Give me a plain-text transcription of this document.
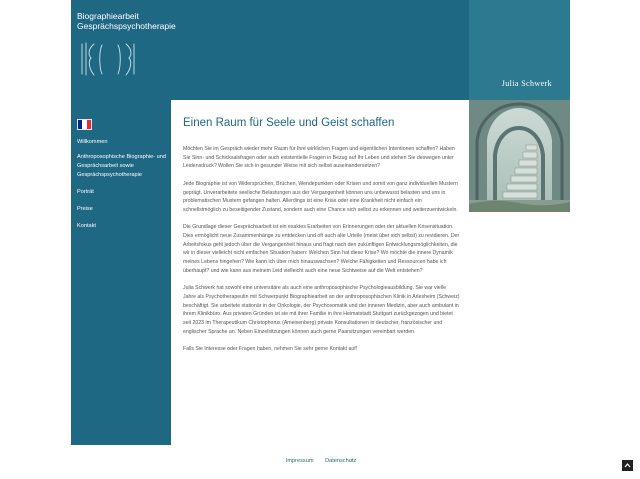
Biographiearbeit
Gesprächspsychotherapie
Julia Schwerk
Willkommen
Anthroposophische Biographie- und Gesprächsarbeit sowie Gesprächspsychotherapie
Porträt
Preise
Kontakt
Einen Raum für Seele und Geist schaffen

Möchten Sie im Gespräch wieder mehr Raum für Ihre wirklichen Fragen und eigentlichen Intentionen schaffen? Haben Sie Sinn- und Schicksalsfragen oder auch existentielle Fragen in Bezug auf Ihr Leben und stehen Sie deswegen unter Leidensdruck? Wollen Sie sich in gesunder Weise mit sich selbst auseinandersetzen?

Jede Biographie ist von Widersprüchen, Brüchen, Wendepunkten oder Krisen und somit von ganz individuellen Mustern geprägt. Unverarbeitete seelische Belastungen aus der Vergangenheit können uns unbewusst belasten und uns in problematischen Mustern gefangen halten. Allerdings ist eine Krise oder eine Krankheit nicht einfach ein schnellstmöglich zu beseitigender Zustand, sondern auch eine Chance sich selbst zu erkennen und weiterzuentwickeln.

Die Grundlage dieser Gesprächsarbeit ist ein exaktes Erarbeiten von Erinnerungen oder der aktuellen Krisensituation. Dies ermöglicht neue Zusammenhänge zu entdecken und oft auch alte Urteile (meist über sich selbst) zu revidieren. Der Arbeitsfokus geht jedoch über die Vergangenheit hinaus und fragt nach den zukünftigen Entwicklungsmöglichkeiten, die wir in dieser vielleicht nicht einfachen Situation haben: Welchen Sinn hat diese Krise? Wo möchte die innere Dynamik meines Lebens hingehen? Wie kann ich über mich hinauswachsen? Welche Fähigkeiten und Ressourcen habe ich überhaupt? und wie kann aus meinem Leid vielleicht auch eine neue Sichtweise auf die Welt entstehen?

Julia Schwerk hat sowohl eine universitäre als auch eine anthroposophische Psychologieausbildung. Sie war vielle Jahre als Psychotherapeutin mit Schwerpunkt Biographiearbeit an der anthroposophischen Klinik in Arlesheim (Schweiz) beschäftigt. Sie arbeitete stationär in der Onkologie, der Psychosomatik und der inneren Medizin, aber auch ambulant in ihrem Klinikbüro. Aus privaten Gründen ist sie mit ihrer Familie in ihre Heimatstadt Stuttgart zurückgezogen und bietet seit 2023 im Therapeutikum Christophorus (Ameisenberg) private Konsultationen in deutscher, französischer und englischer Sprache an. Neben Einzelsitzungen können auch gerne Paarsitzungen vereinbart werden.

Falls Sie Interesse oder Fragen haben, nehmen Sie sehr gerne Kontakt auf!

Impressum Datenschutz
